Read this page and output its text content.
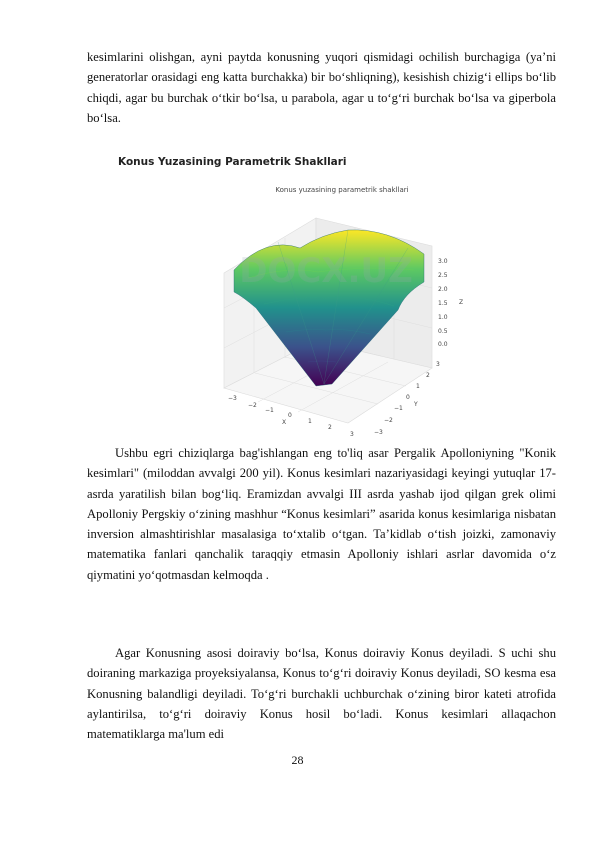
kesimlarini olishgan, ayni paytda konusning yuqori qismidagi ochilish burchagiga (ya’ni generatorlar orasidagi eng katta burchakka) bir bo‘shliqning), kesishish chizig‘i ellips bo‘lib chiqdi, agar bu burchak o‘tkir bo‘lsa, u parabola, agar u to‘g‘ri burchak bo‘lsa va giperbola bo‘lsa.

Konus Yuzasining Parametrik Shakllari
Konus yuzasining parametrik shakllari
DOCX.UZ
0.0
0.5
1.0
1.5
2.0
2.5
3.0
Z
−3
−2
−1
0
1
2
3
X
−3
−2
−1
0
1
2
3
Y

Ushbu egri chiziqlarga bag'ishlangan eng to'liq asar Pergalik Apolloniyning "Konik kesimlari" (miloddan avvalgi 200 yil). Konus kesimlari nazariyasidagi keyingi yutuqlar 17-asrda yaratilish bilan bog‘liq. Eramizdan avvalgi III asrda yashab ijod qilgan grek olimi Apolloniy Pergskiy o‘zining mashhur “Konus kesimlari” asarida konus kesimlariga nisbatan inversion almashtirishlar masalasiga to‘xtalib o‘tgan. Ta’kidlab o‘tish joizki, zamonaviy matematika fanlari qanchalik taraqqiy etmasin Apolloniy ishlari asrlar davomida o‘z qiymatini yo‘qotmasdan kelmoqda .

Agar Konusning asosi doiraviy bo‘lsa, Konus doiraviy Konus deyiladi. S uchi shu doiraning markaziga proyeksiyalansa, Konus to‘g‘ri doiraviy Konus deyiladi, SO kesma esa Konusning balandligi deyiladi. To‘g‘ri burchakli uchburchak o‘zining biror kateti atrofida aylantirilsa, to‘g‘ri doiraviy Konus hosil bo‘ladi. Konus kesimlari allaqachon matematiklarga ma'lum edi

28
